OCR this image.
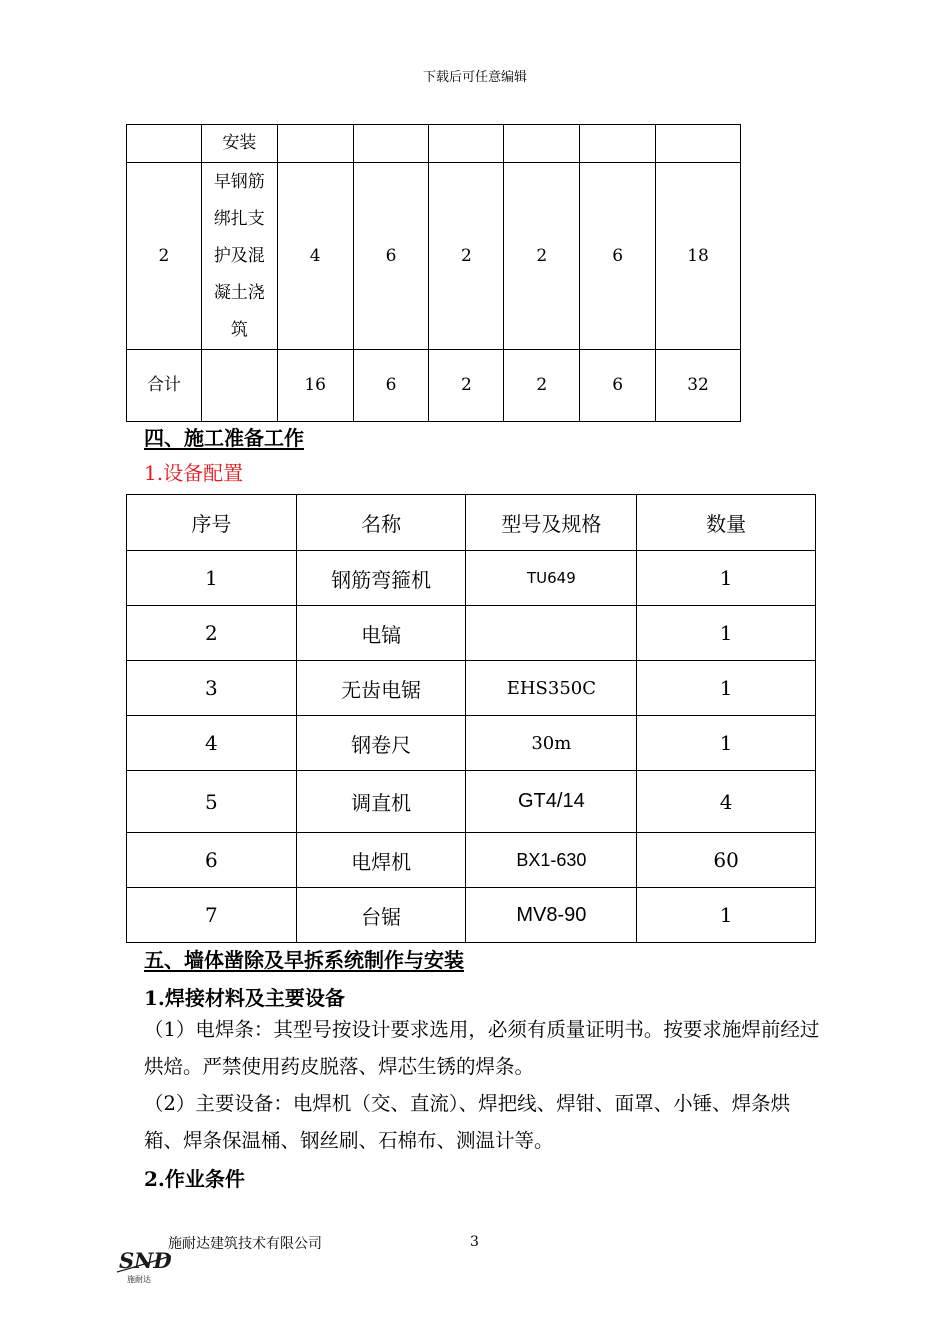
下载后可任意编辑
	安装						
2	早钢筋
绑扎支
护及混
凝土浇
筑	4	6	2	2	6	18
合计		16	6	2	2	6	32
四、施工准备工作
1.设备配置
序号	名称	型号及规格	数量
1	钢筋弯箍机	TU649	1
2	电镐		1
3	无齿电锯	EHS350C	1
4	钢卷尺	30m	1
5	调直机	GT4/14	4
6	电焊机	BX1-630	60
7	台锯	MV8-90	1
五、墙体凿除及早拆系统制作与安装
1.焊接材料及主要设备
（1）电焊条：其型号按设计要求选用，必须有质量证明书。按要求施焊前经过烘焙。严禁使用药皮脱落、焊芯生锈的焊条。
（2）主要设备：电焊机（交、直流）、焊把线、焊钳、面罩、小锤、焊条烘箱、焊条保温桶、钢丝刷、石棉布、测温计等。
2.作业条件
施耐达建筑技术有限公司	3
SND
施耐达
